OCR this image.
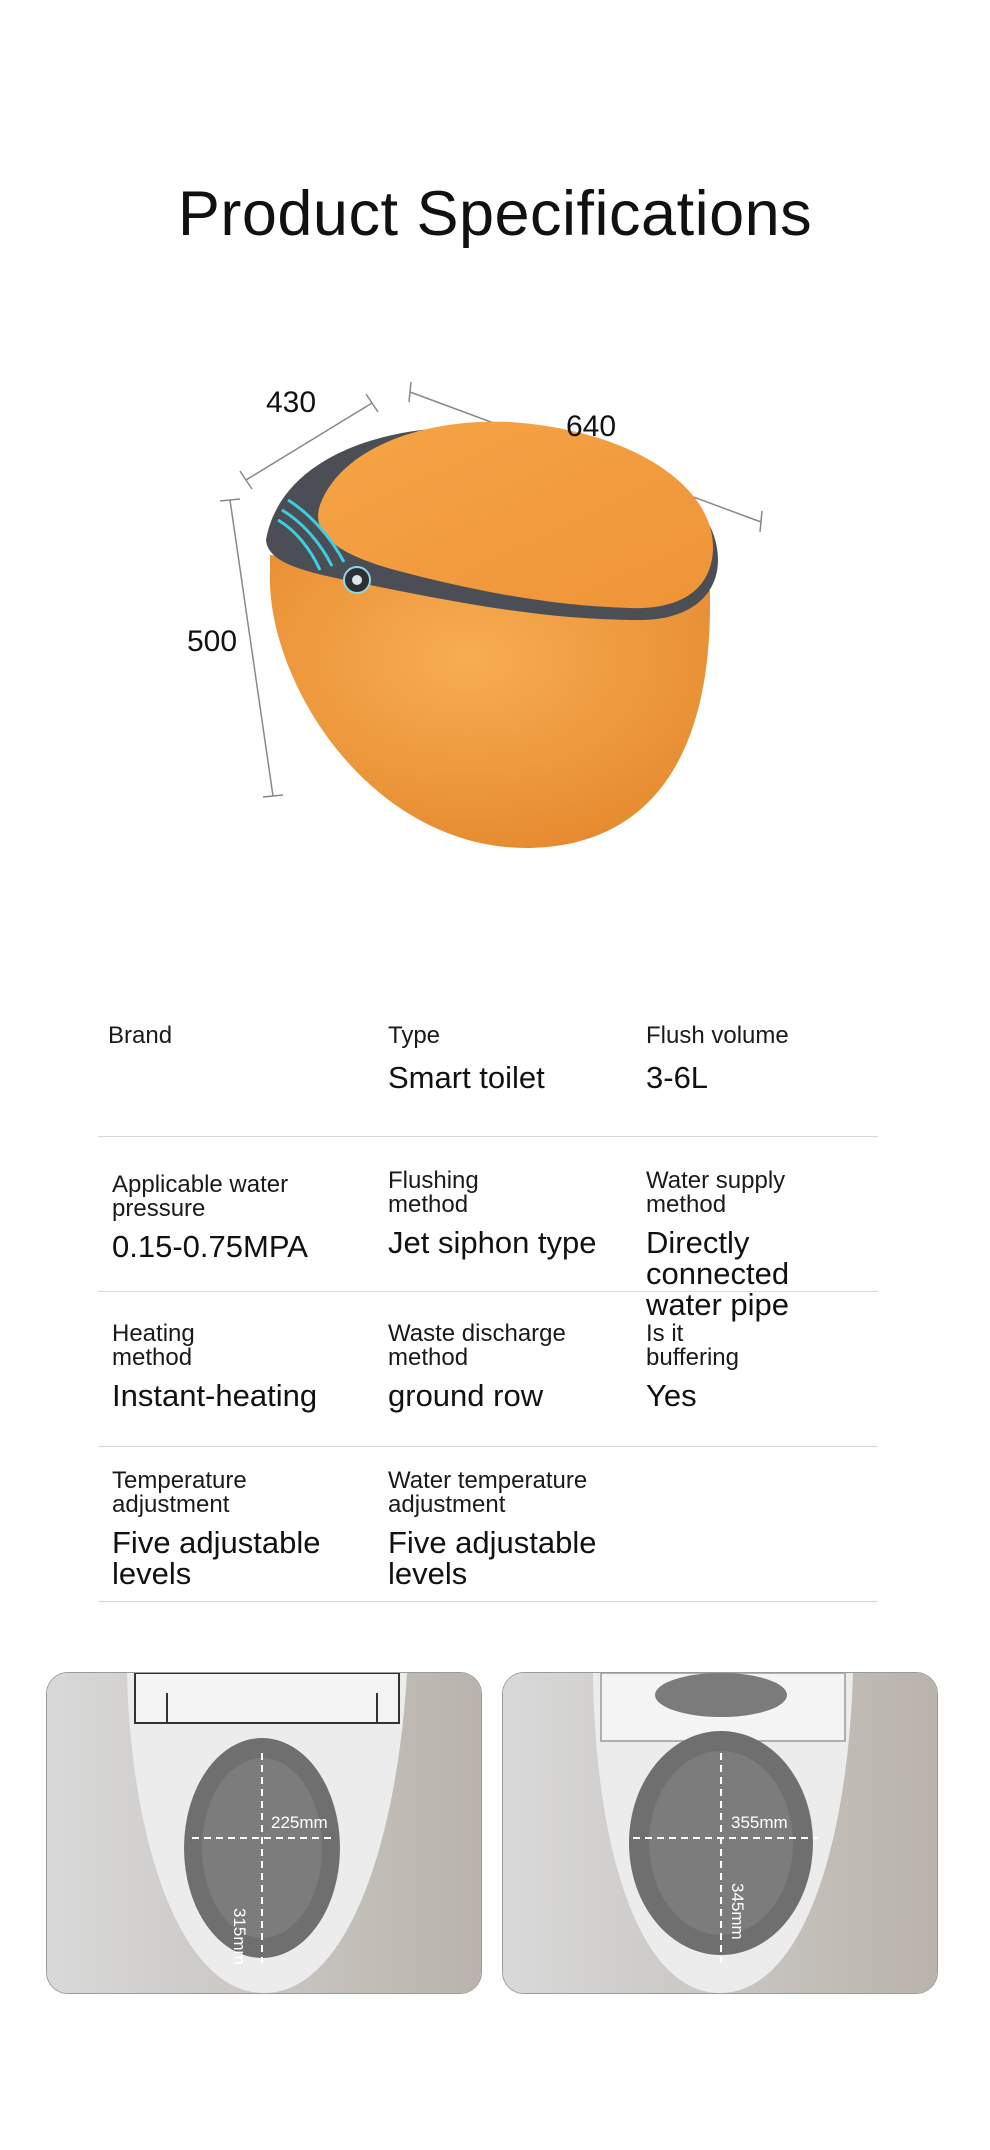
Product Specifications
430
640
500
Brand	Type
Smart toilet
Flush volume
3-6L
Applicable water
pressure
0.15-0.75MPA
Flushing
method
Jet siphon type
Water supply
method
Directly connected
water pipe
Heating
method
Instant-heating
Waste discharge
method
ground row
Is it
buffering
Yes
Temperature
adjustment
Five adjustable
levels
Water temperature
adjustment
Five adjustable
levels
225mm
315mm
355mm
345mm
